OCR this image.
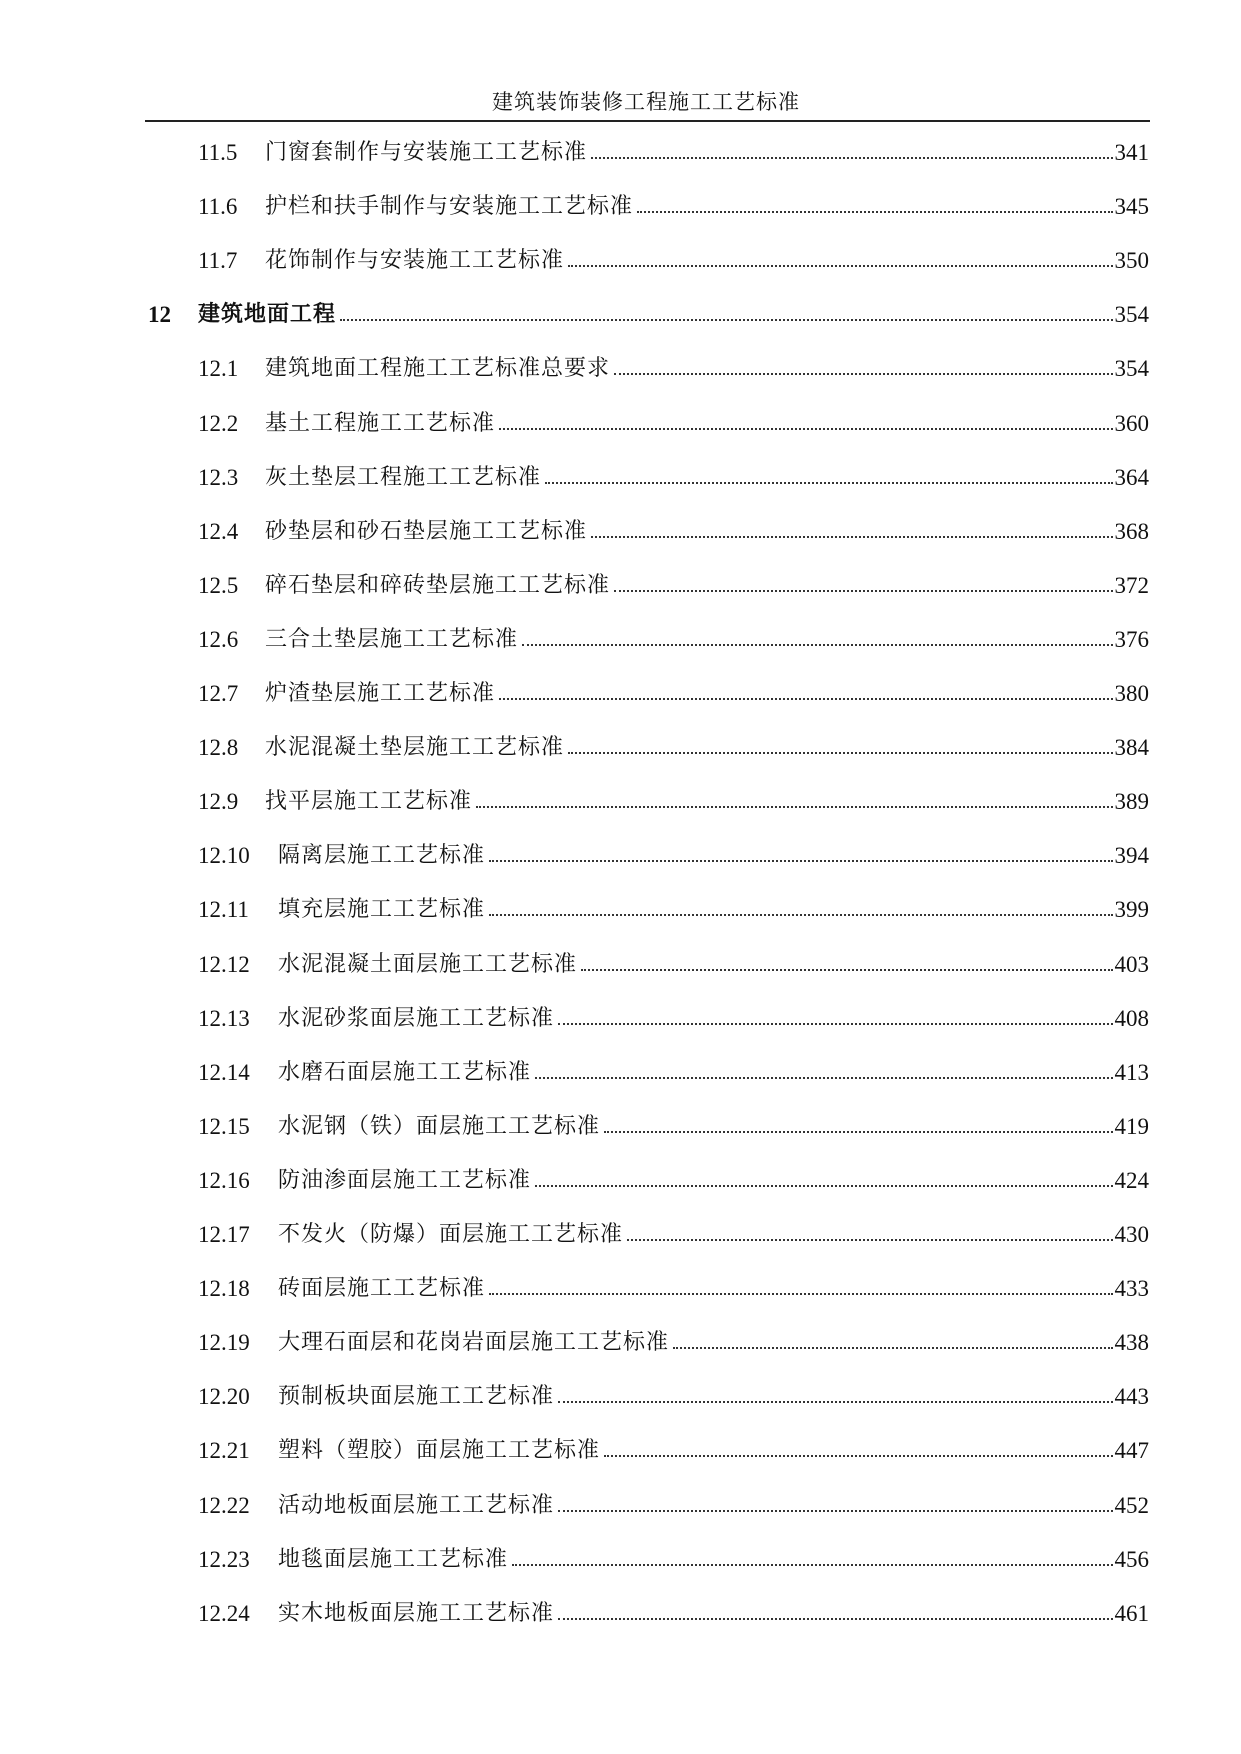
建筑装饰装修工程施工工艺标准
11.5 门窗套制作与安装施工工艺标准	341
11.6 护栏和扶手制作与安装施工工艺标准	345
11.7 花饰制作与安装施工工艺标准	350
12 建筑地面工程	354
12.1 建筑地面工程施工工艺标准总要求	354
12.2 基土工程施工工艺标准	360
12.3 灰土垫层工程施工工艺标准	364
12.4 砂垫层和砂石垫层施工工艺标准	368
12.5 碎石垫层和碎砖垫层施工工艺标准	372
12.6 三合土垫层施工工艺标准	376
12.7 炉渣垫层施工工艺标准	380
12.8 水泥混凝土垫层施工工艺标准	384
12.9 找平层施工工艺标准	389
12.10 隔离层施工工艺标准	394
12.11 填充层施工工艺标准	399
12.12 水泥混凝土面层施工工艺标准	403
12.13 水泥砂浆面层施工工艺标准	408
12.14 水磨石面层施工工艺标准	413
12.15 水泥钢（铁）面层施工工艺标准	419
12.16 防油渗面层施工工艺标准	424
12.17 不发火（防爆）面层施工工艺标准	430
12.18 砖面层施工工艺标准	433
12.19 大理石面层和花岗岩面层施工工艺标准	438
12.20 预制板块面层施工工艺标准	443
12.21 塑料（塑胶）面层施工工艺标准	447
12.22 活动地板面层施工工艺标准	452
12.23 地毯面层施工工艺标准	456
12.24 实木地板面层施工工艺标准	461
